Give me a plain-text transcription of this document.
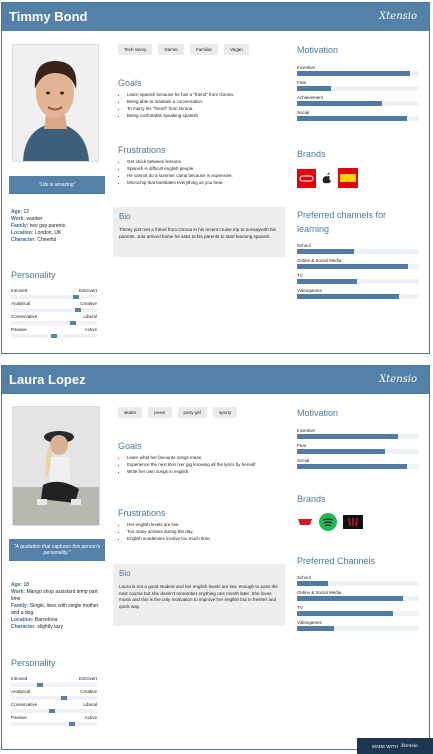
Timmy Bond	Xtensio
"Life is amazing"
Age: 12
Work: wanker
Family: two gay parents
Location: London, UK
Character: Cheerful
Personality
Introvert	Extrovert
Analytical	Creative
Conservative	Liberal
Passive	Active
Tech savvy	Gamer	Familiar	Vegan
Goals
• Learn spanish because he has a "friend" from Girona.
• Being able to maintain a conversation.
• To marry his "friend" from Girona.
• Being confortable speaking spanish
Frustrations
• Get stuck between lessons.
• Spanish is difficult english people.
• He cannot do a summer camp because is expensive.
• Microchip that translates everything as you hear.
Bio
Timmy just met a friend from Girona in his recent cruise trip to norwaywith his parents. Just arrived home he asks to his parents to start learning spanish.
Motivation
Incentive
Fear
Achievement
Social
Brands
Preferred channels for learning
School
Online & Social Media
TV
Videogames
Laura Lopez	Xtensio
"A quotation that captures this person's personality."
Age: 18
Work: Mango shop assistant temp part time
Family: Single, lives with single mother and a dog.
Location: Barcelona
Character: slightly lazy
Personality
Introved	Extrovert
Analytical	Creative
Conservative	Liberal
Passive	Active
skater	poser	party-girl	sporty
Goals
• Learn what her favourite songs mean.
• Experience the next Bon Iver gig knowing all the lyrics by herself.
• Write her own songs in english.
Frustrations
• Her english levels are low.
• Too many activies during the day.
• English academies involve too much time.
Bio
Laura is not a good student and her english levels are low, enough to pass the next course but she doesn't remember enything one month later. She loves music and this is the only motivation to improve her english but in fresher and quick way.
Motivation
Incentive
Fear
Social
Brands
Preferred Channels
School
Online & Social Media
TV
Videogames
MADE WITH Xtensio
